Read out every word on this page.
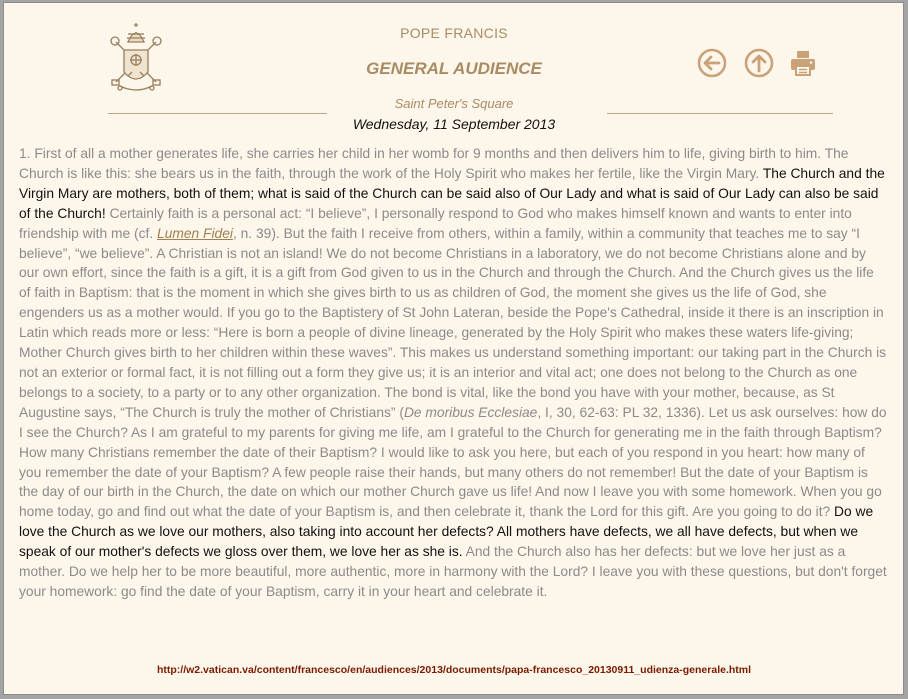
POPE FRANCIS
GENERAL AUDIENCE
Saint Peter's Square
Wednesday, 11 September 2013

1. First of all a mother generates life, she carries her child in her womb for 9 months and then delivers him to life, giving birth to him. The Church is like this: she bears us in the faith, through the work of the Holy Spirit who makes her fertile, like the Virgin Mary. The Church and the Virgin Mary are mothers, both of them; what is said of the Church can be said also of Our Lady and what is said of Our Lady can also be said of the Church! Certainly faith is a personal act: “I believe”, I personally respond to God who makes himself known and wants to enter into friendship with me (cf. Lumen Fidei, n. 39). But the faith I receive from others, within a family, within a community that teaches me to say “I believe”, “we believe”. A Christian is not an island! We do not become Christians in a laboratory, we do not become Christians alone and by our own effort, since the faith is a gift, it is a gift from God given to us in the Church and through the Church. And the Church gives us the life of faith in Baptism: that is the moment in which she gives birth to us as children of God, the moment she gives us the life of God, she engenders us as a mother would. If you go to the Baptistery of St John Lateran, beside the Pope's Cathedral, inside it there is an inscription in Latin which reads more or less: “Here is born a people of divine lineage, generated by the Holy Spirit who makes these waters life-giving; Mother Church gives birth to her children within these waves”. This makes us understand something important: our taking part in the Church is not an exterior or formal fact, it is not filling out a form they give us; it is an interior and vital act; one does not belong to the Church as one belongs to a society, to a party or to any other organization. The bond is vital, like the bond you have with your mother, because, as St Augustine says, “The Church is truly the mother of Christians” (De moribus Ecclesiae, I, 30, 62-63: PL 32, 1336). Let us ask ourselves: how do I see the Church? As I am grateful to my parents for giving me life, am I grateful to the Church for generating me in the faith through Baptism? How many Christians remember the date of their Baptism? I would like to ask you here, but each of you respond in you heart: how many of you remember the date of your Baptism? A few people raise their hands, but many others do not remember! But the date of your Baptism is the day of our birth in the Church, the date on which our mother Church gave us life! And now I leave you with some homework. When you go home today, go and find out what the date of your Baptism is, and then celebrate it, thank the Lord for this gift. Are you going to do it? Do we love the Church as we love our mothers, also taking into account her defects? All mothers have defects, we all have defects, but when we speak of our mother's defects we gloss over them, we love her as she is. And the Church also has her defects: but we love her just as a mother. Do we help her to be more beautiful, more authentic, more in harmony with the Lord? I leave you with these questions, but don't forget your homework: go find the date of your Baptism, carry it in your heart and celebrate it.

http://w2.vatican.va/content/francesco/en/audiences/2013/documents/papa-francesco_20130911_udienza-generale.html
